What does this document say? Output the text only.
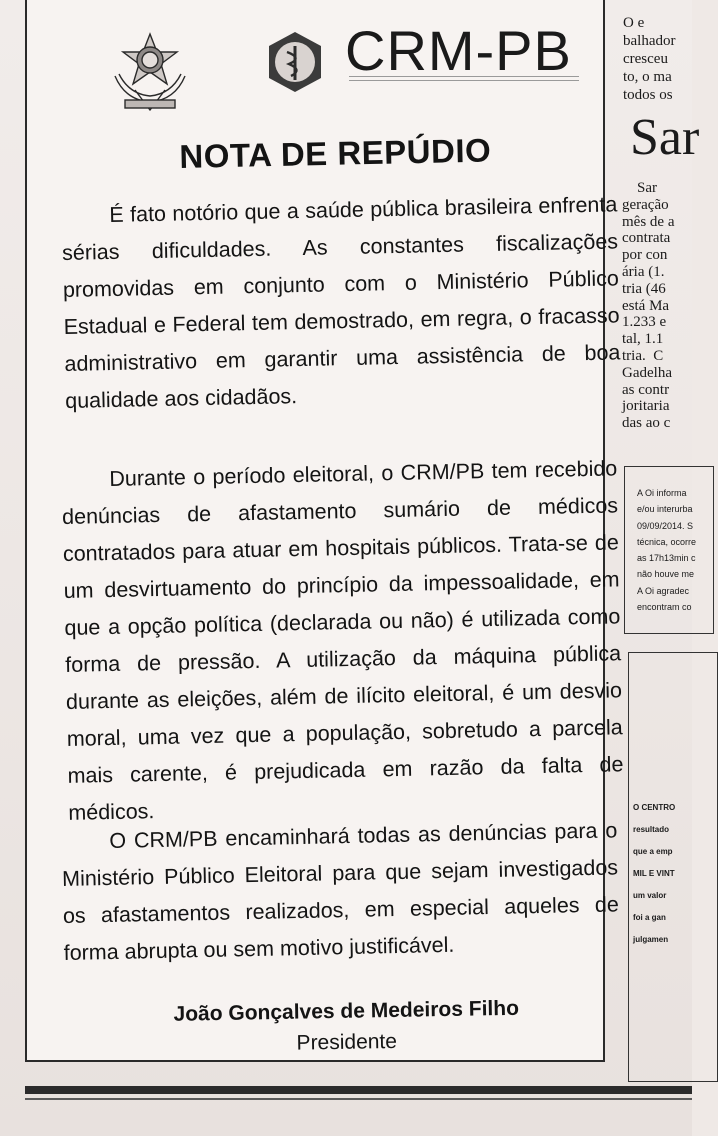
CRM-PB
NOTA DE REPÚDIO
É fato notório que a saúde pública brasileira enfrenta sérias dificuldades. As constantes fiscalizações promovidas em conjunto com o Ministério Público Estadual e Federal tem demostrado, em regra, o fracasso administrativo em garantir uma assistência de boa qualidade aos cidadãos.
Durante o período eleitoral, o CRM/PB tem recebido denúncias de afastamento sumário de médicos contratados para atuar em hospitais públicos. Trata-se de um desvirtuamento do princípio da impessoalidade, em que a opção política (declarada ou não) é utilizada como forma de pressão. A utilização da máquina pública durante as eleições, além de ilícito eleitoral, é um desvio moral, uma vez que a população, sobretudo a parcela mais carente, é prejudicada em razão da falta de médicos.
O CRM/PB encaminhará todas as denúncias para o Ministério Público Eleitoral para que sejam investigados os afastamentos realizados, em especial aqueles de forma abrupta ou sem motivo justificável.
João Gonçalves de Medeiros Filho
Presidente
O e
balhador
cresceu
to, o ma
todos os
Sar
Sar
geração
mês de a
contrata
por con
ária (1.
tria (46
está Ma
1.233 e
tal, 1.1
tria.  C
Gadelha
as contr
joritaria
das ao c
A Oi informa
e/ou interurba
09/09/2014. S
técnica, ocorre
as 17h13min c
não houve me
A Oi agradec
encontram co
O CENTRO
resultado
que a emp
MIL E VINT
um valor
foi a gan
julgamen
